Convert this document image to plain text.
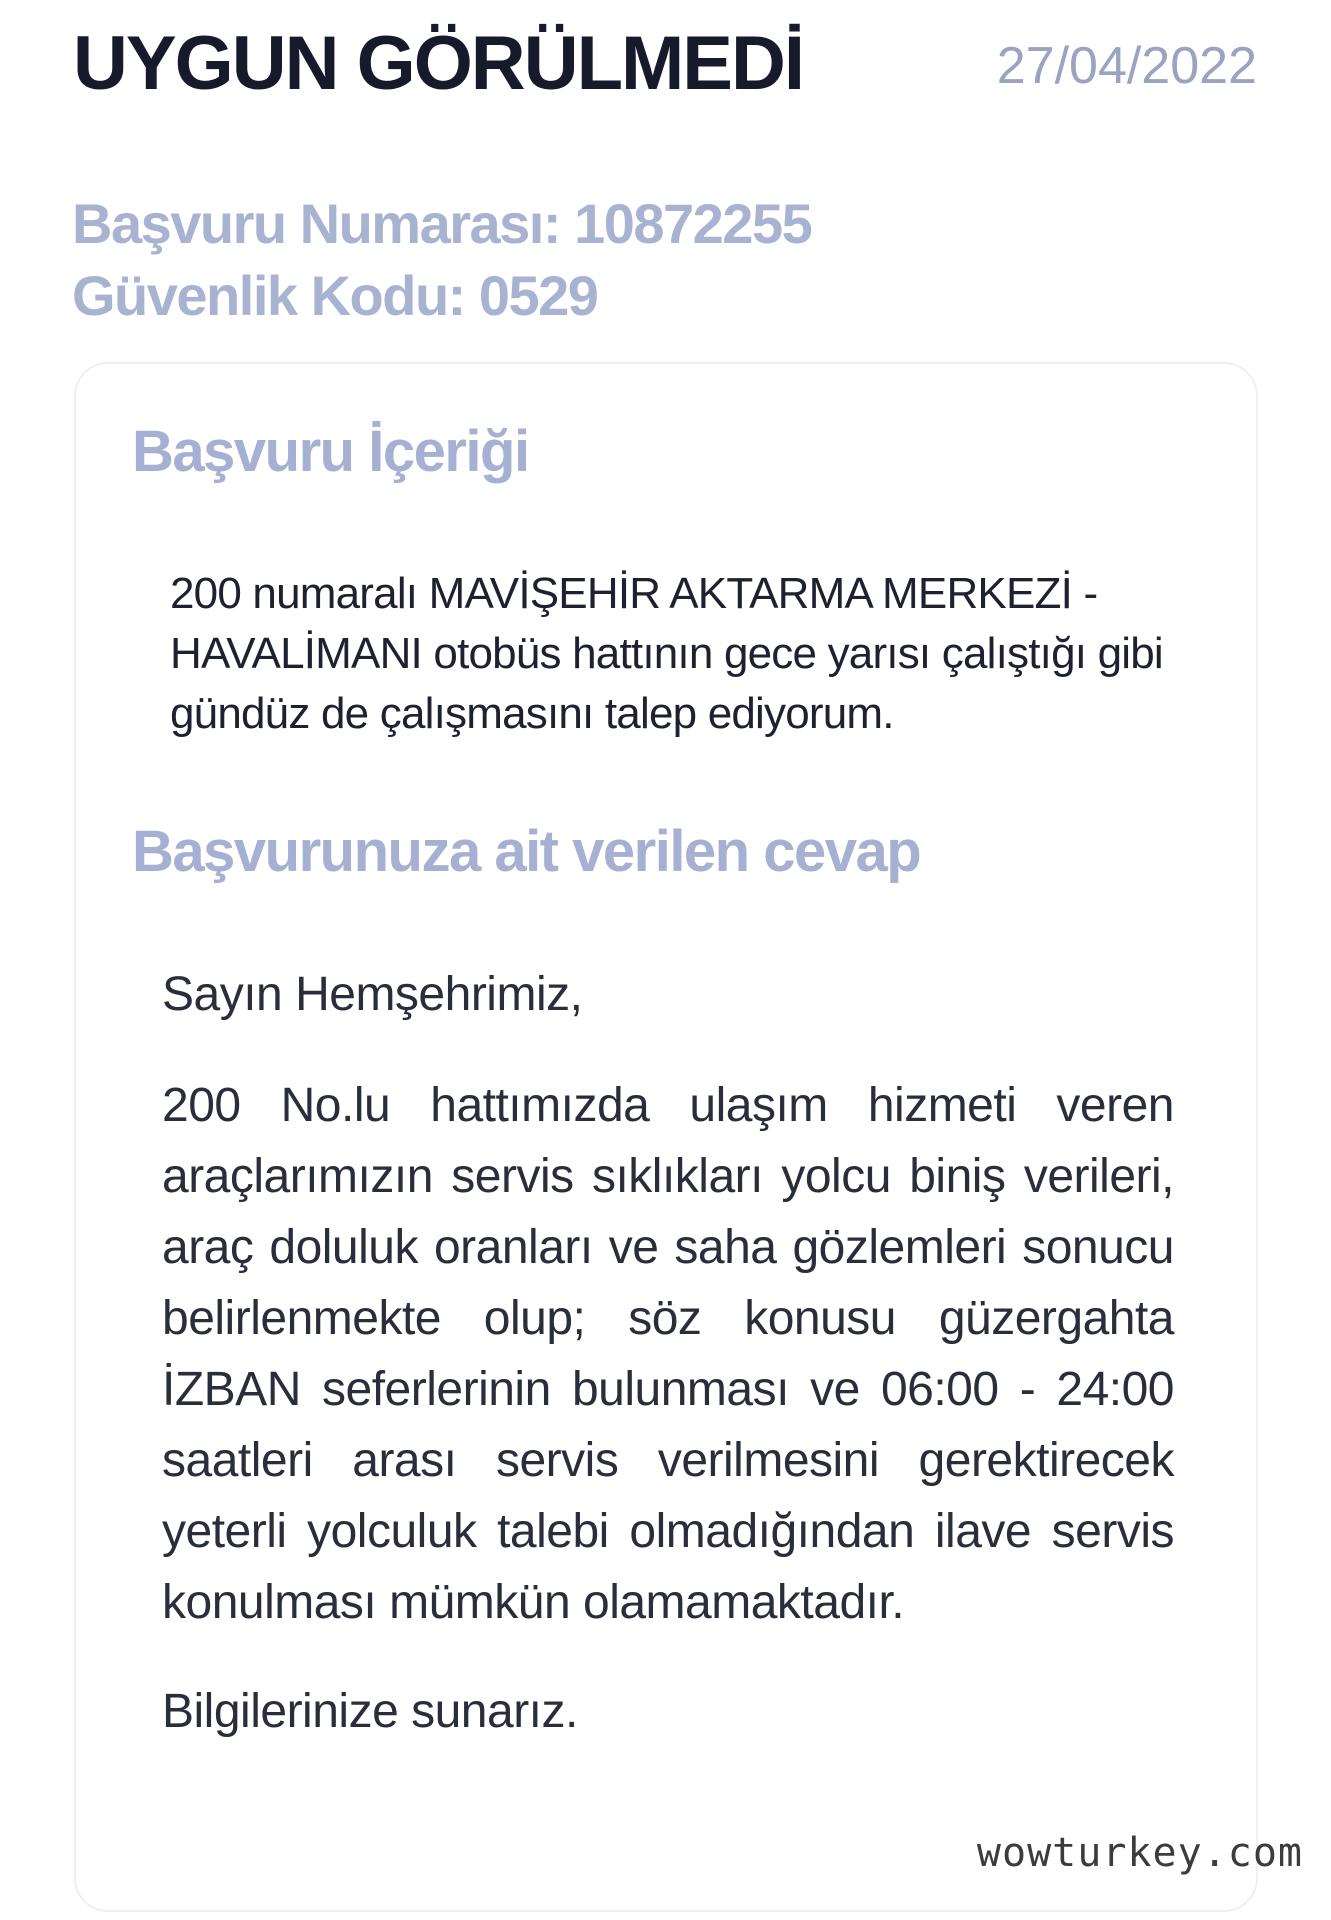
UYGUN GÖRÜLMEDİ	27/04/2022
Başvuru Numarası: 10872255
Güvenlik Kodu: 0529
Başvuru İçeriği
200 numaralı MAVİŞEHİR AKTARMA MERKEZİ - HAVALİMANI otobüs hattının gece yarısı çalıştığı gibi gündüz de çalışmasını talep ediyorum.
Başvurunuza ait verilen cevap

Sayın Hemşehrimiz,

200 No.lu hattımızda ulaşım hizmeti veren araçlarımızın servis sıklıkları yolcu biniş verileri, araç doluluk oranları ve saha gözlemleri sonucu belirlenmekte olup; söz konusu güzergahta İZBAN seferlerinin bulunması ve 06:00 - 24:00 saatleri arası servis verilmesini gerektirecek yeterli yolculuk talebi olmadığından ilave servis konulması mümkün olamamaktadır.

Bilgilerinize sunarız.

wowturkey.com
